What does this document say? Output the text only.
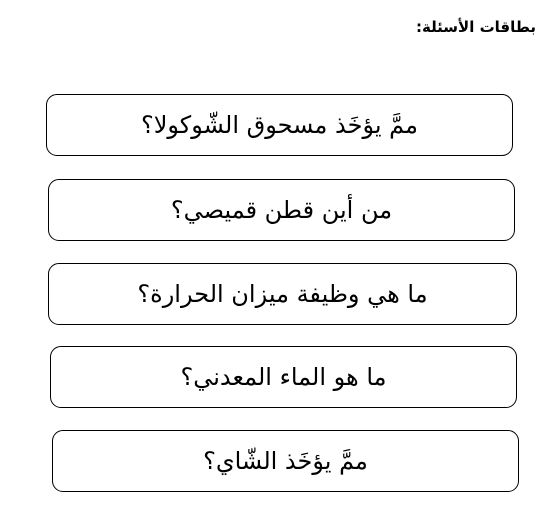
بطاقات الأسئلة:
ممَّ يؤخَذ مسحوق الشّوكولا؟
من أين قطن قميصي؟
ما هي وظيفة ميزان الحرارة؟
ما هو الماء المعدني؟
ممَّ يؤخَذ الشّاي؟
